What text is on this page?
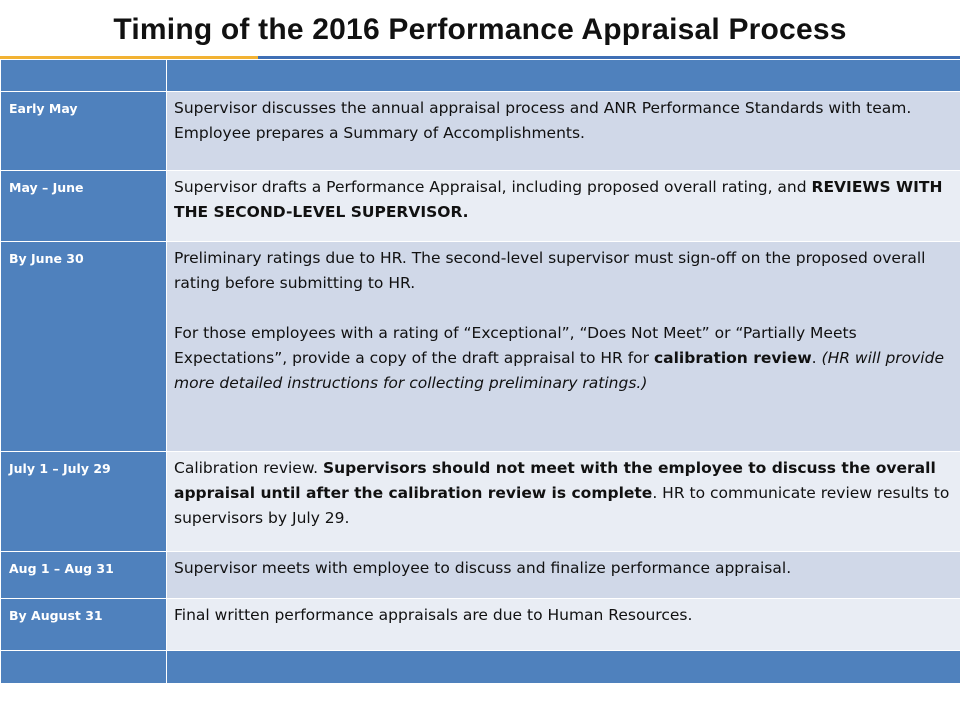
Timing of the 2016 Performance Appraisal Process

Early May	Supervisor discusses the annual appraisal process and ANR Performance Standards with team. Employee prepares a Summary of Accomplishments.
May – June	Supervisor drafts a Performance Appraisal, including proposed overall rating, and REVIEWS WITH THE SECOND-LEVEL SUPERVISOR.
By June 30	Preliminary ratings due to HR. The second-level supervisor must sign-off on the proposed overall rating before submitting to HR.
For those employees with a rating of “Exceptional”, “Does Not Meet” or “Partially Meets Expectations”, provide a copy of the draft appraisal to HR for calibration review. (HR will provide more detailed instructions for collecting preliminary ratings.)

July 1 – July 29	Calibration review. Supervisors should not meet with the employee to discuss the overall appraisal until after the calibration review is complete. HR to communicate review results to supervisors by July 29.
Aug 1 – Aug 31	Supervisor meets with employee to discuss and finalize performance appraisal.
By August 31	Final written performance appraisals are due to Human Resources.
